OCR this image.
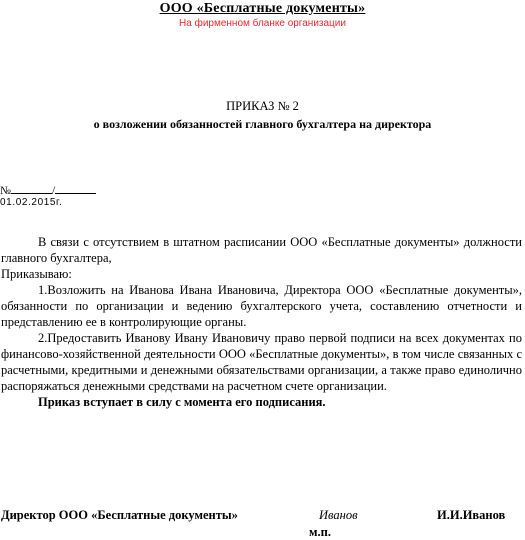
ООО «Бесплатные документы»
На фирменном бланке организации
ПРИКАЗ № 2
о возложении обязанностей главного бухгалтера на директора
№	/
01.02.2015г.

В связи с отсутствием в штатном расписании ООО «Бесплатные документы» должности главного бухгалтера,

Приказываю:

1.Возложить на Иванова Ивана Ивановича, Директора ООО «Бесплатные документы», обязанности по организации и ведению бухгалтерского учета, составлению отчетности и представлению ее в контролирующие органы.

2.Предоставить Иванову Ивану Ивановичу право первой подписи на всех документах по финансово-хозяйственной деятельности ООО «Бесплатные документы», в том числе связанных с расчетными, кредитными и денежными обязательствами организации, а также право единолично распоряжаться денежными средствами на расчетном счете организации.

Приказ вступает в силу с момента его подписания.

Директор ООО «Бесплатные документы»	Иванов	И.И.Иванов
м.п.
